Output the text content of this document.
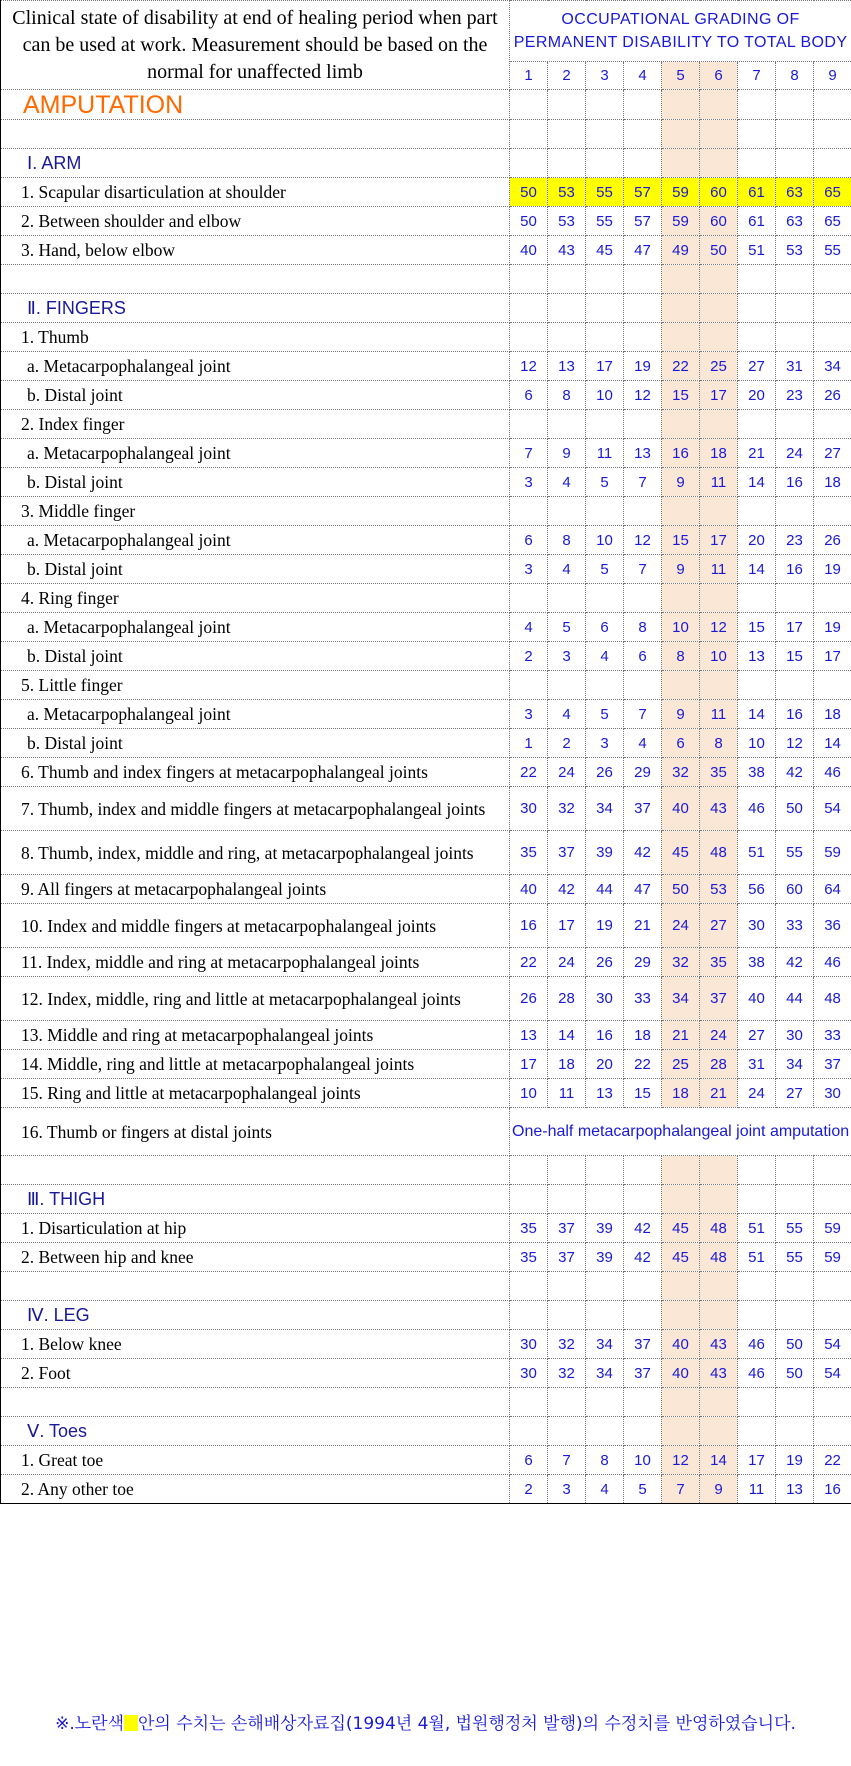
Clinical state of disability at end of healing period when part can be used at work. Measurement should be based on the normal for unaffected limb	OCCUPATIONAL GRADING OF PERMANENT DISABILITY TO TOTAL BODY								
	1	2	3	4	5	6	7	8	9
AMPUTATION									

Ⅰ. ARM									
1. Scapular disarticulation at shoulder	50	53	55	57	59	60	61	63	65
2. Between shoulder and elbow	50	53	55	57	59	60	61	63	65
3. Hand, below elbow	40	43	45	47	49	50	51	53	55

Ⅱ. FINGERS									
1. Thumb									
a. Metacarpophalangeal joint	12	13	17	19	22	25	27	31	34
b. Distal joint	6	8	10	12	15	17	20	23	26
2. Index finger									
a. Metacarpophalangeal joint	7	9	11	13	16	18	21	24	27
b. Distal joint	3	4	5	7	9	11	14	16	18
3. Middle finger									
a. Metacarpophalangeal joint	6	8	10	12	15	17	20	23	26
b. Distal joint	3	4	5	7	9	11	14	16	19
4. Ring finger									
a. Metacarpophalangeal joint	4	5	6	8	10	12	15	17	19
b. Distal joint	2	3	4	6	8	10	13	15	17
5. Little finger									
a. Metacarpophalangeal joint	3	4	5	7	9	11	14	16	18
b. Distal joint	1	2	3	4	6	8	10	12	14
6. Thumb and index fingers at metacarpophalangeal joints	22	24	26	29	32	35	38	42	46
7. Thumb, index and middle fingers at metacarpophalangeal joints	30	32	34	37	40	43	46	50	54
8. Thumb, index, middle and ring, at metacarpophalangeal joints	35	37	39	42	45	48	51	55	59
9. All fingers at metacarpophalangeal joints	40	42	44	47	50	53	56	60	64
10. Index and middle fingers at metacarpophalangeal joints	16	17	19	21	24	27	30	33	36
11. Index, middle and ring at metacarpophalangeal joints	22	24	26	29	32	35	38	42	46
12. Index, middle, ring and little at metacarpophalangeal joints	26	28	30	33	34	37	40	44	48
13. Middle and ring at metacarpophalangeal joints	13	14	16	18	21	24	27	30	33
14. Middle, ring and little at metacarpophalangeal joints	17	18	20	22	25	28	31	34	37
15. Ring and little at metacarpophalangeal joints	10	11	13	15	18	21	24	27	30
16. Thumb or fingers at distal joints	One-half metacarpophalangeal joint amputation								

Ⅲ. THIGH									
1. Disarticulation at hip	35	37	39	42	45	48	51	55	59
2. Between hip and knee	35	37	39	42	45	48	51	55	59

Ⅳ. LEG									
1. Below knee	30	32	34	37	40	43	46	50	54
2. Foot	30	32	34	37	40	43	46	50	54

Ⅴ. Toes									
1. Great toe	6	7	8	10	12	14	17	19	22
2. Any other toe	2	3	4	5	7	9	11	13	16
※.노란색 안의 수치는 손해배상자료집(1994년 4월, 법원행정처 발행)의 수정치를 반영하였습니다.
